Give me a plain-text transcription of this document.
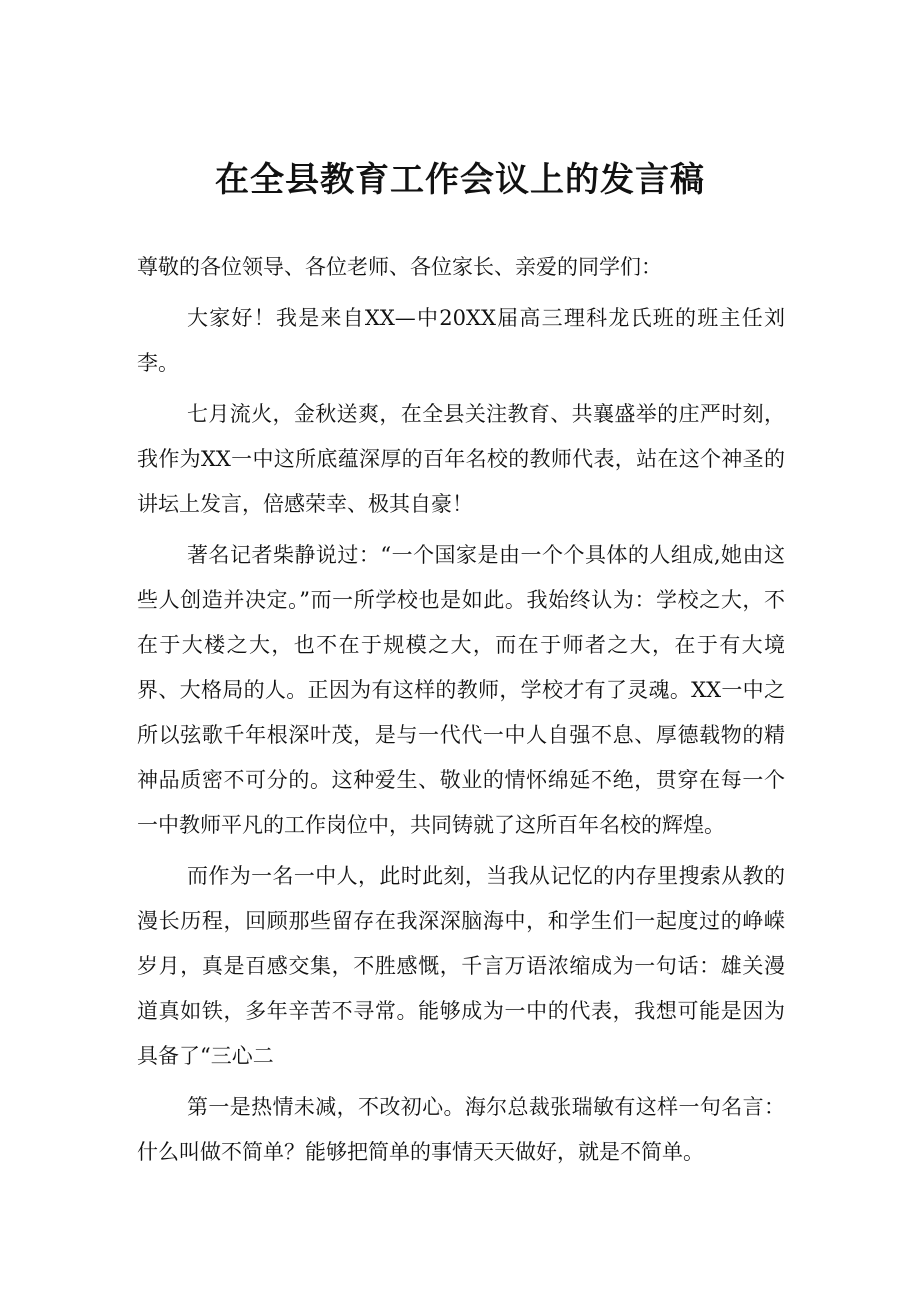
在全县教育工作会议上的发言稿

尊敬的各位领导、各位老师、各位家长、亲爱的同学们：

大家好！我是来自XX—中20XX届高三理科龙氏班的班主任刘李。

七月流火，金秋送爽，在全县关注教育、共襄盛举的庄严时刻，我作为XX一中这所底蕴深厚的百年名校的教师代表，站在这个神圣的讲坛上发言，倍感荣幸、极其自豪！

著名记者柴静说过：“一个国家是由一个个具体的人组成,她由这些人创造并决定。”而一所学校也是如此。我始终认为：学校之大，不在于大楼之大，也不在于规模之大，而在于师者之大，在于有大境界、大格局的人。正因为有这样的教师，学校才有了灵魂。XX一中之所以弦歌千年根深叶茂，是与一代代一中人自强不息、厚德载物的精神品质密不可分的。这种爱生、敬业的情怀绵延不绝，贯穿在每一个一中教师平凡的工作岗位中，共同铸就了这所百年名校的辉煌。

而作为一名一中人，此时此刻，当我从记忆的内存里搜索从教的漫长历程，回顾那些留存在我深深脑海中，和学生们一起度过的峥嵘岁月，真是百感交集，不胜感慨，千言万语浓缩成为一句话：雄关漫道真如铁，多年辛苦不寻常。能够成为一中的代表，我想可能是因为具备了“三心二

第一是热情未减，不改初心。海尔总裁张瑞敏有这样一句名言：什么叫做不简单？能够把简单的事情天天做好，就是不简单。
